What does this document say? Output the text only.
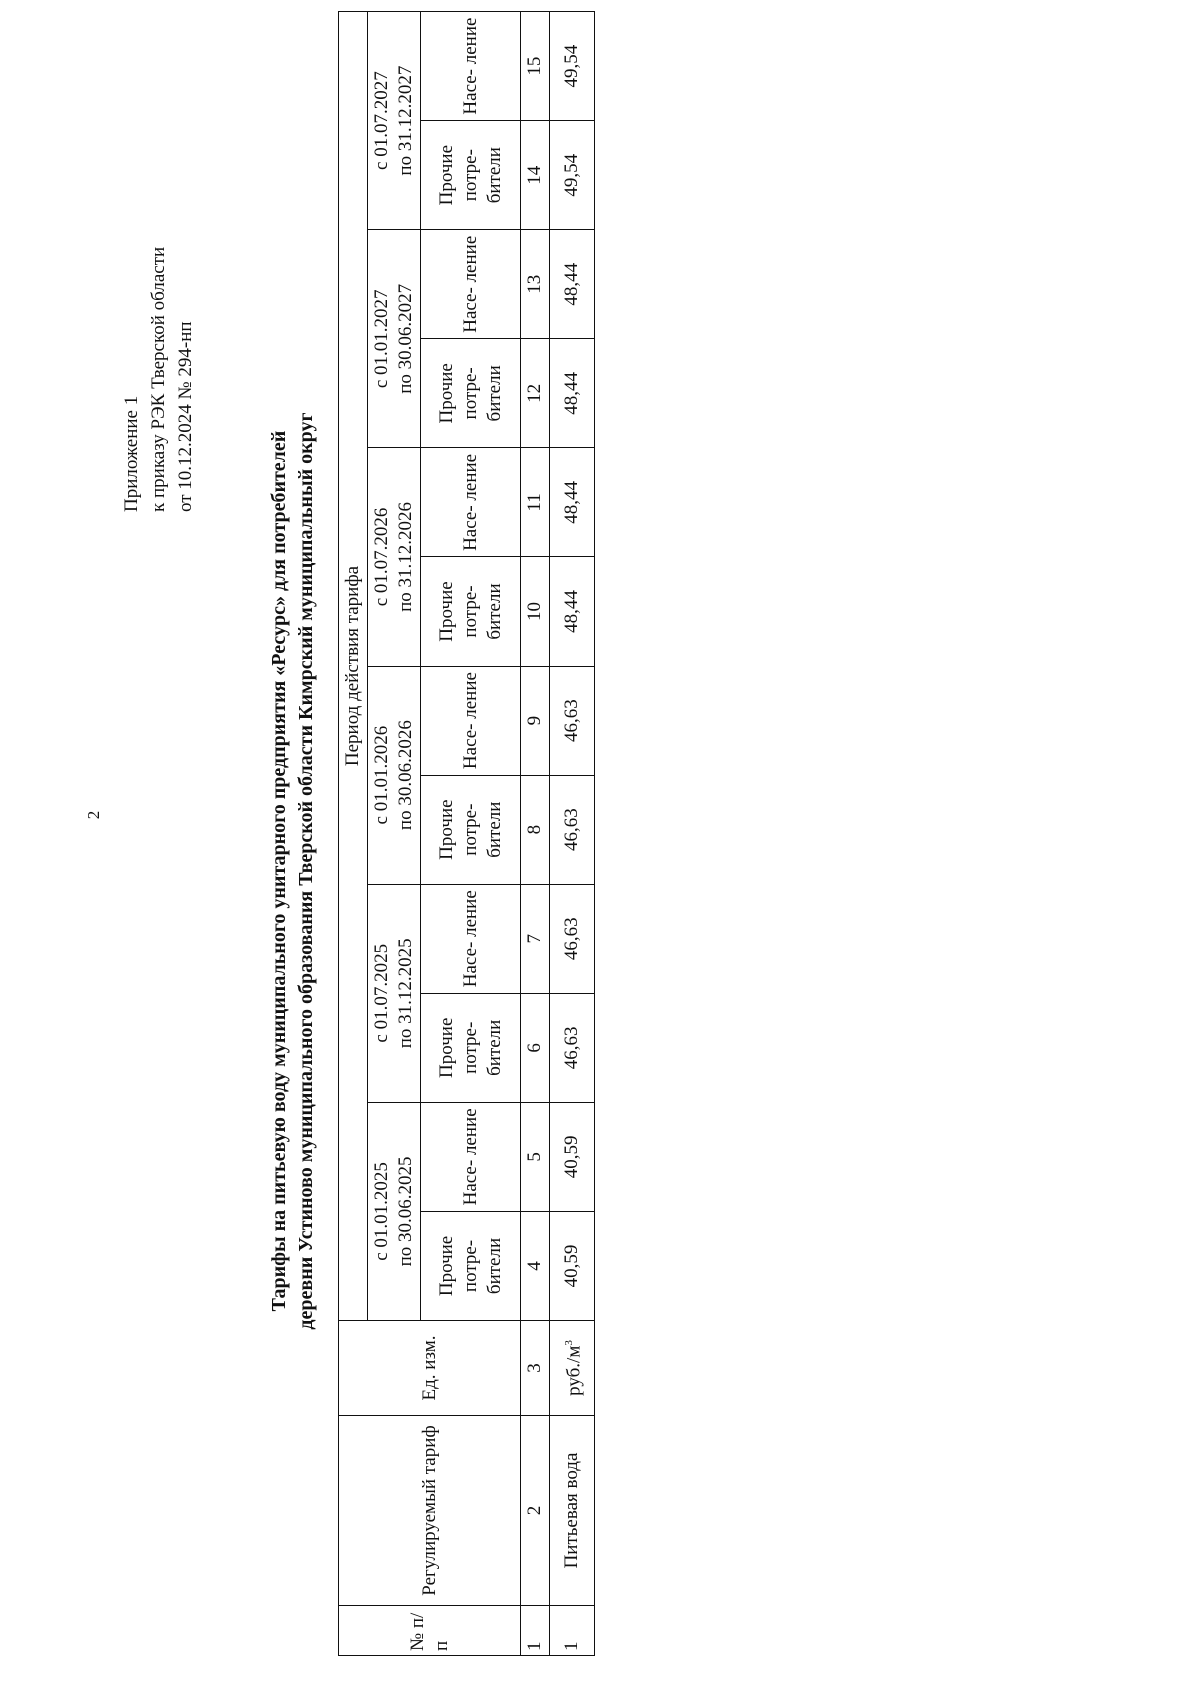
2
Приложение 1 к приказу РЭК Тверской области от 10.12.2024 № 294-нп
Тарифы на питьевую воду муниципального унитарного предприятия «Ресурс» для потребителей деревни Устиново муниципального образования Тверской области Кимрский муниципальный округ
№ п/п	Регулируемый тариф	Ед. изм.	Период действия тарифа											
			с 01.01.2025 по 30.06.2025		с 01.07.2025 по 31.12.2025		с 01.01.2026 по 30.06.2026		с 01.07.2026 по 31.12.2026		с 01.01.2027 по 30.06.2027		с 01.07.2027 по 31.12.2027	
			Прочие потре- бители	Насе- ление	Прочие потре- бители	Насе- ление	Прочие потре- бители	Насе- ление	Прочие потре- бители	Насе- ление	Прочие потре- бители	Насе- ление	Прочие потре- бители	Насе- ление
1	2	3	4	5	6	7	8	9	10	11	12	13	14	15
1	Питьевая вода	$руб./м^3$	40,59	40,59	46,63	46,63	46,63	46,63	48,44	48,44	48,44	48,44	49,54	49,54
